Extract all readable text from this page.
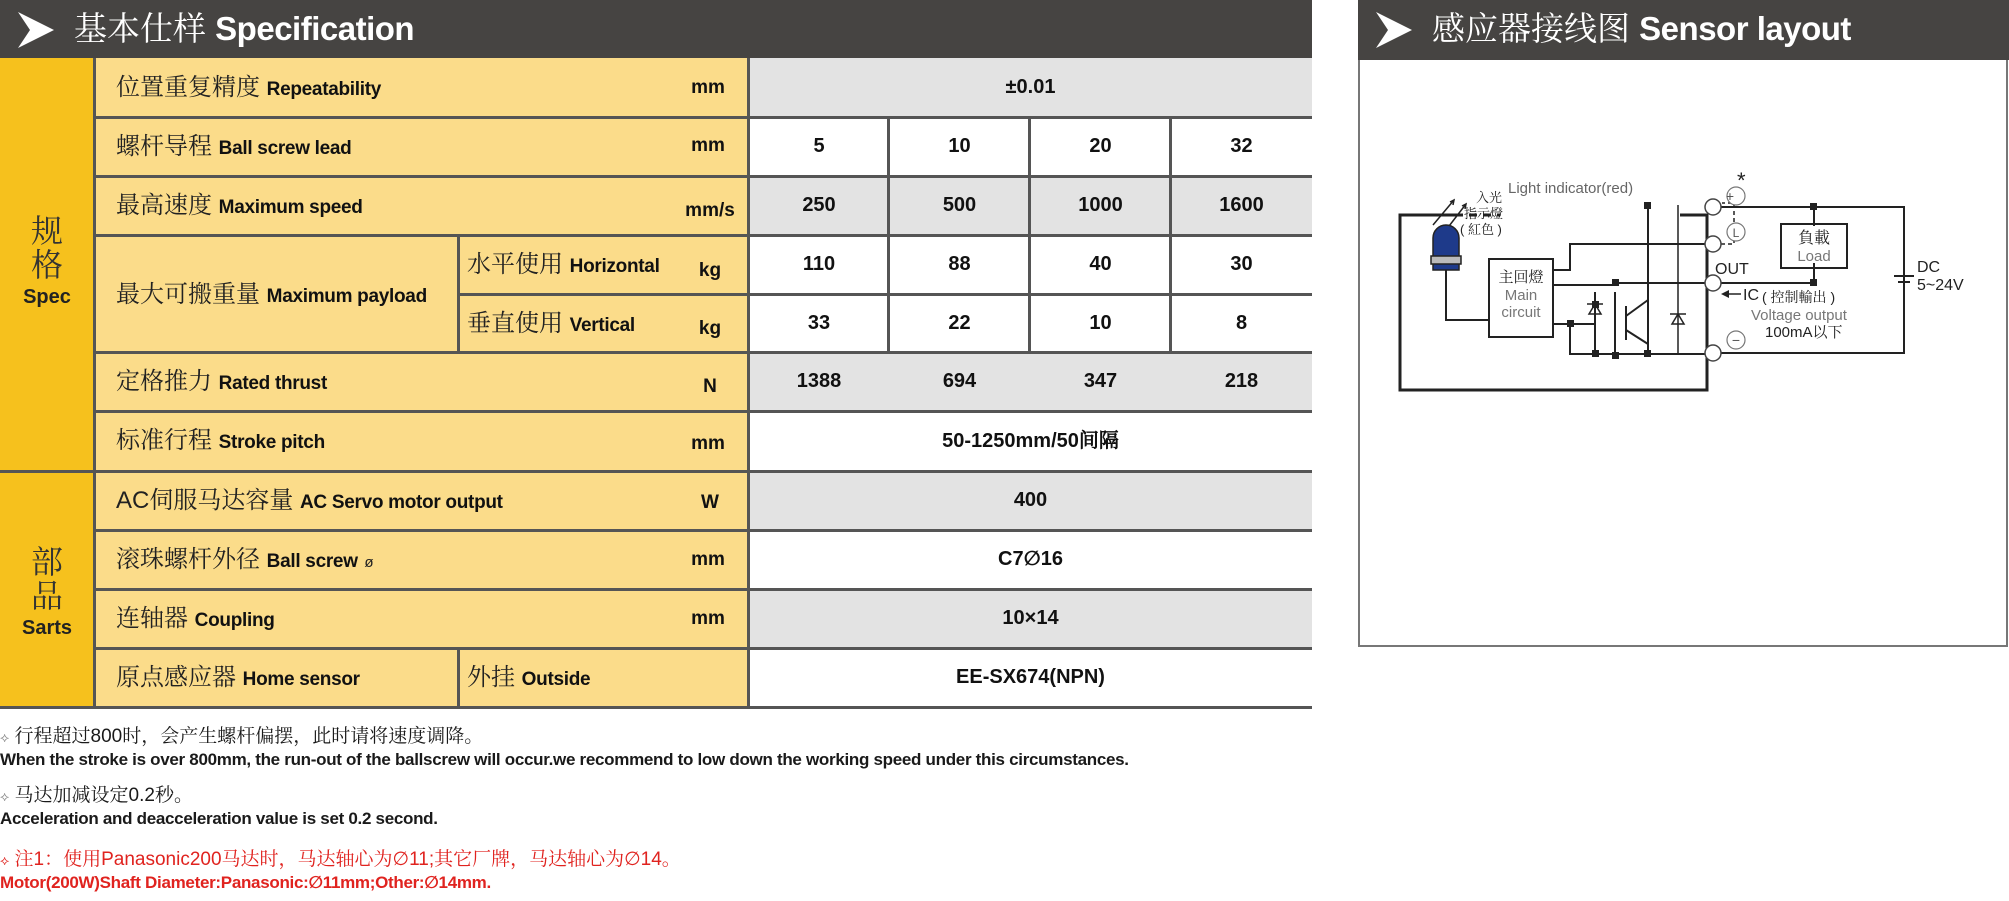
基本仕样 Specification	感应器接线图 Sensor layout
规
格
Spec
部
品
Sarts
位置重复精度 Repeatability	mm	±0.01
螺杆导程 Ball screw lead	mm	5	10	20	32
最高速度 Maximum speed	mm/s	250	500	1000	1600
最大可搬重量 Maximum payload
水平使用 Horizontal	kg	110	88	40	30
垂直使用 Vertical	kg	33	22	10	8
定格推力 Rated thrust	N	1388	694	347	218
标准行程 Stroke pitch	mm	50-1250mm/50间隔
AC伺服马达容量 AC Servo motor output	W	400
滚珠螺杆外径 Ball screw ø	mm	C7∅16
连轴器 Coupling	mm	10×14
原点感应器 Home sensor	外挂 Outside	EE-SX674(NPN)
+
L
−
*
入光
指示燈
( 紅色 )
Light indicator(red)
主回燈
Main
circuit
OUT
IC ( 控制輸出 )
Voltage output
100mA以下
負載
Load
DC
5~24V
⟡ 行程超过800时，会产生螺杆偏摆，此时请将速度调降。
When the stroke is over 800mm, the run-out of the ballscrew will occur.we recommend to low down the working speed under this circumstances.
⟡ 马达加减设定0.2秒。
Acceleration and deacceleration value is set 0.2 second.
⟡ 注1：使用Panasonic200马达时，马达轴心为∅11;其它厂牌，马达轴心为∅14。
Motor(200W)Shaft Diameter:Panasonic:∅11mm;Other:∅14mm.
